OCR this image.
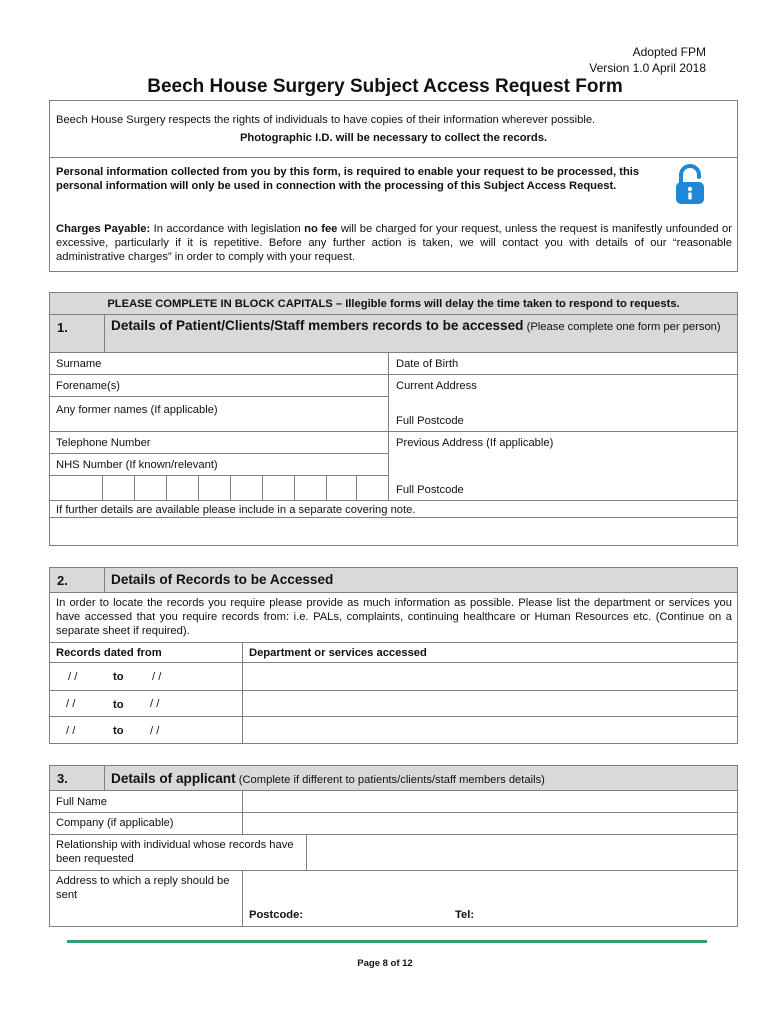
Adopted FPM
Version 1.0 April 2018
Beech House Surgery Subject Access Request Form
Beech House Surgery respects the rights of individuals to have copies of their information wherever possible.
Photographic I.D. will be necessary to collect the records.
Personal information collected from you by this form, is required to enable your request to be processed, this personal information will only be used in connection with the processing of this Subject Access Request.
Charges Payable: In accordance with legislation no fee will be charged for your request, unless the request is manifestly unfounded or excessive, particularly if it is repetitive. Before any further action is taken, we will contact you with details of our “reasonable administrative charges” in order to comply with your request.
PLEASE COMPLETE IN BLOCK CAPITALS – Illegible forms will delay the time taken to respond to requests.
1.	Details of Patient/Clients/Staff members records to be accessed (Please complete one form per person)
Surname	Date of Birth
Forename(s)	Current Address
Any former names (If applicable)
Full Postcode
Telephone Number	Previous Address (If applicable)
NHS Number (If known/relevant)
Full Postcode
If further details are available please include in a separate covering note.
2.	Details of Records to be Accessed
In order to locate the records you require please provide as much information as possible. Please list the department or services you have accessed that you require records from: i.e. PALs, complaints, continuing healthcare or Human Resources etc. (Continue on a separate sheet if required).
Records dated from	Department or services accessed
/ /	to	/ /
/ /	to / /
/ /	to / /
3.	Details of applicant (Complete if different to patients/clients/staff members details)
Full Name
Company (if applicable)
Relationship with individual whose records have been requested
Address to which a reply should be sent
Postcode:	Tel:
Page 8 of 12
